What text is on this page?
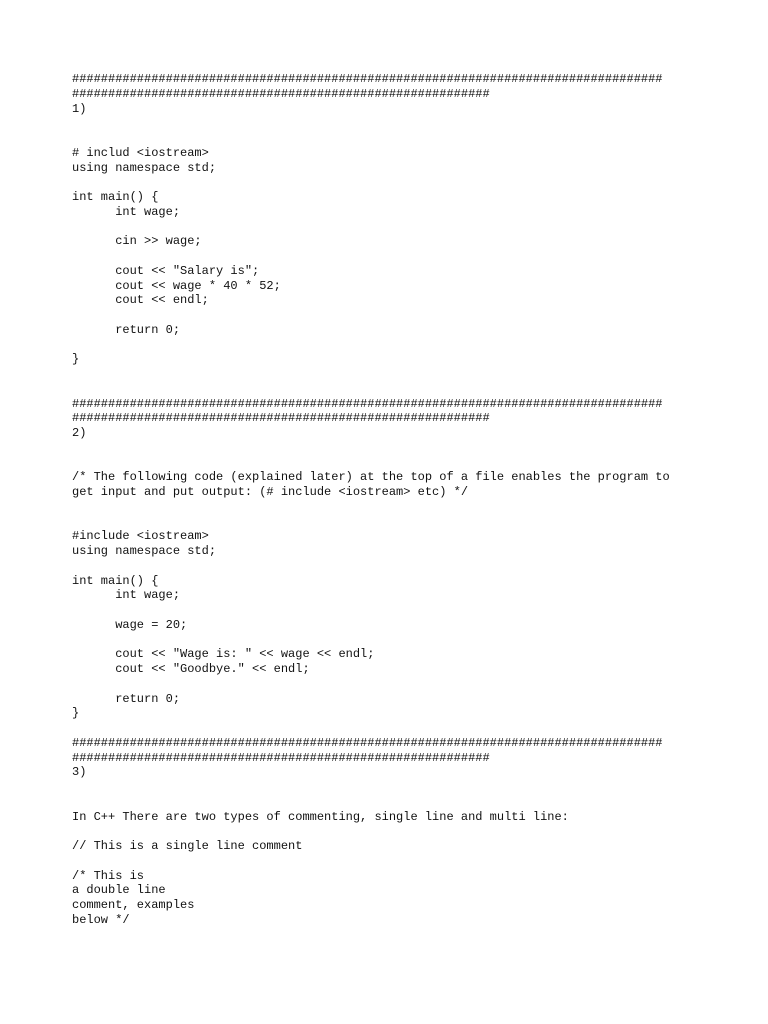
##################################################################################
##########################################################
1)
# includ <iostream>
using namespace std;
int main() {
int wage;
cin >> wage;
cout << "Salary is";
cout << wage * 40 * 52;
cout << endl;
return 0;
}
##################################################################################
##########################################################
2)
/* The following code (explained later) at the top of a file enables the program to
get input and put output: (# include <iostream> etc) */
#include <iostream>
using namespace std;
int main() {
int wage;
wage = 20;
cout << "Wage is: " << wage << endl;
cout << "Goodbye." << endl;
return 0;
}
##################################################################################
##########################################################
3)
In C++ There are two types of commenting, single line and multi line:
// This is a single line comment
/* This is
a double line
comment, examples
below */
